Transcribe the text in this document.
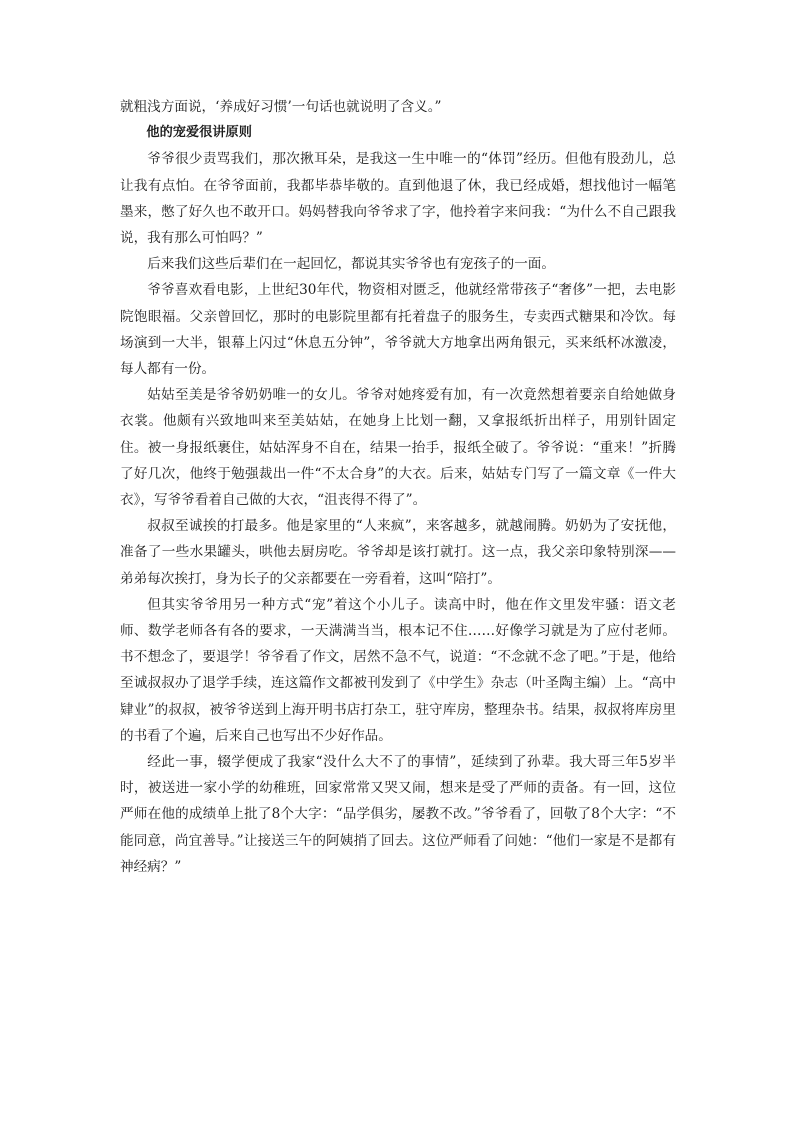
就粗浅方面说，‘养成好习惯’一句话也就说明了含义。”

他的宠爱很讲原则

爷爷很少责骂我们，那次揪耳朵，是我这一生中唯一的“体罚”经历。但他有股劲儿，总让我有点怕。在爷爷面前，我都毕恭毕敬的。直到他退了休，我已经成婚，想找他讨一幅笔墨来，憋了好久也不敢开口。妈妈替我向爷爷求了字，他拎着字来问我：“为什么不自己跟我说，我有那么可怕吗？”

后来我们这些后辈们在一起回忆，都说其实爷爷也有宠孩子的一面。

爷爷喜欢看电影，上世纪30年代，物资相对匮乏，他就经常带孩子“奢侈”一把，去电影院饱眼福。父亲曾回忆，那时的电影院里都有托着盘子的服务生，专卖西式糖果和冷饮。每场演到一大半，银幕上闪过“休息五分钟”，爷爷就大方地拿出两角银元，买来纸杯冰激凌，每人都有一份。

姑姑至美是爷爷奶奶唯一的女儿。爷爷对她疼爱有加，有一次竟然想着要亲自给她做身衣裳。他颇有兴致地叫来至美姑姑，在她身上比划一翻，又拿报纸折出样子，用别针固定住。被一身报纸裹住，姑姑浑身不自在，结果一抬手，报纸全破了。爷爷说：“重来！”折腾了好几次，他终于勉强裁出一件“不太合身”的大衣。后来，姑姑专门写了一篇文章《一件大衣》，写爷爷看着自己做的大衣，“沮丧得不得了”。

叔叔至诚挨的打最多。他是家里的“人来疯”，来客越多，就越闹腾。奶奶为了安抚他，准备了一些水果罐头，哄他去厨房吃。爷爷却是该打就打。这一点，我父亲印象特别深——弟弟每次挨打，身为长子的父亲都要在一旁看着，这叫“陪打”。

但其实爷爷用另一种方式“宠”着这个小儿子。读高中时，他在作文里发牢骚：语文老师、数学老师各有各的要求，一天满满当当，根本记不住……好像学习就是为了应付老师。书不想念了，要退学！爷爷看了作文，居然不急不气，说道：“不念就不念了吧。”于是，他给至诚叔叔办了退学手续，连这篇作文都被刊发到了《中学生》杂志（叶圣陶主编）上。“高中肄业”的叔叔，被爷爷送到上海开明书店打杂工，驻守库房，整理杂书。结果，叔叔将库房里的书看了个遍，后来自己也写出不少好作品。

经此一事，辍学便成了我家“没什么大不了的事情”，延续到了孙辈。我大哥三年5岁半时，被送进一家小学的幼稚班，回家常常又哭又闹，想来是受了严师的责备。有一回，这位严师在他的成绩单上批了8个大字：“品学俱劣，屡教不改。”爷爷看了，回敬了8个大字：“不能同意，尚宜善导。”让接送三午的阿姨捎了回去。这位严师看了问她：“他们一家是不是都有神经病？”
